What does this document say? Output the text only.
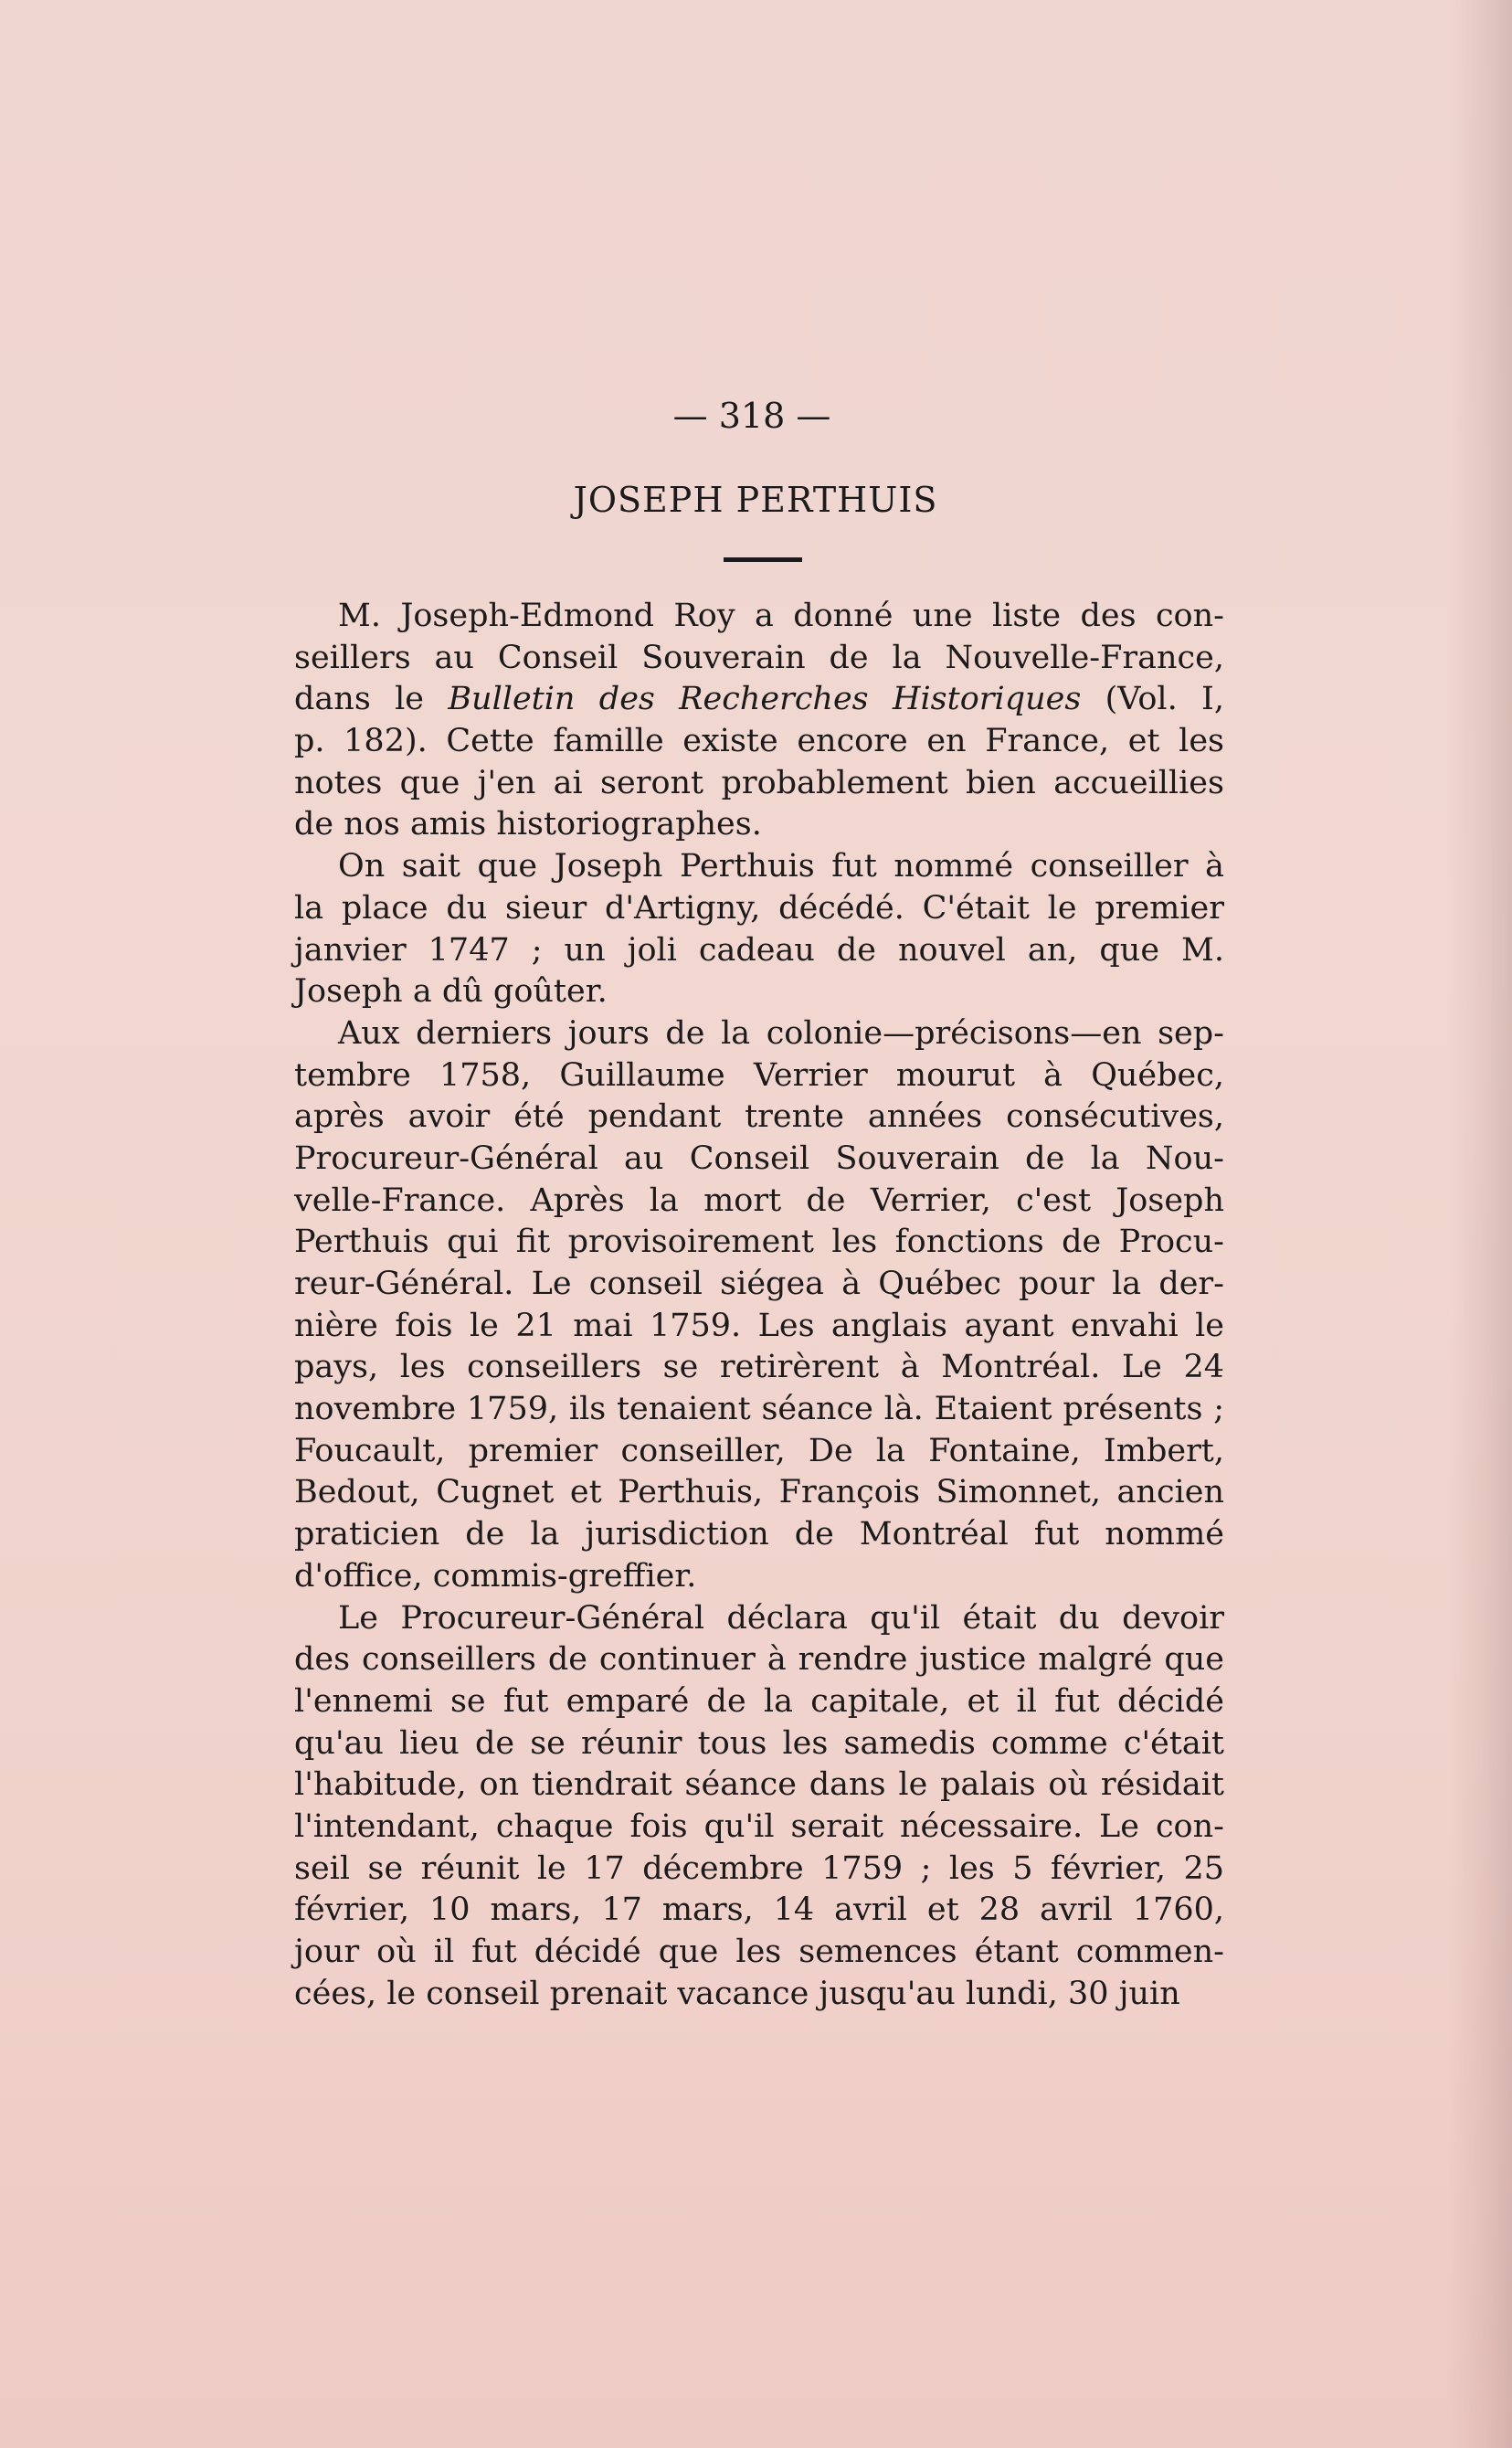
— 318 —
JOSEPH PERTHUIS
M. Joseph-Edmond Roy a donné une liste des con-
seillers au Conseil Souverain de la Nouvelle-France,
dans le Bulletin des Recherches Historiques (Vol. I,
p. 182). Cette famille existe encore en France, et les
notes que j'en ai seront probablement bien accueillies
de nos amis historiographes.
On sait que Joseph Perthuis fut nommé conseiller à
la place du sieur d'Artigny, décédé. C'était le premier
janvier 1747 ; un joli cadeau de nouvel an, que M.
Joseph a dû goûter.
Aux derniers jours de la colonie—précisons—en sep-
tembre 1758, Guillaume Verrier mourut à Québec,
après avoir été pendant trente années consécutives,
Procureur-Général au Conseil Souverain de la Nou-
velle-France. Après la mort de Verrier, c'est Joseph
Perthuis qui fit provisoirement les fonctions de Procu-
reur-Général. Le conseil siégea à Québec pour la der-
nière fois le 21 mai 1759. Les anglais ayant envahi le
pays, les conseillers se retirèrent à Montréal. Le 24
novembre 1759, ils tenaient séance là. Etaient présents ;
Foucault, premier conseiller, De la Fontaine, Imbert,
Bedout, Cugnet et Perthuis, François Simonnet, ancien
praticien de la jurisdiction de Montréal fut nommé
d'office, commis-greffier.
Le Procureur-Général déclara qu'il était du devoir
des conseillers de continuer à rendre justice malgré que
l'ennemi se fut emparé de la capitale, et il fut décidé
qu'au lieu de se réunir tous les samedis comme c'était
l'habitude, on tiendrait séance dans le palais où résidait
l'intendant, chaque fois qu'il serait nécessaire. Le con-
seil se réunit le 17 décembre 1759 ; les 5 février, 25
février, 10 mars, 17 mars, 14 avril et 28 avril 1760,
jour où il fut décidé que les semences étant commen-
cées, le conseil prenait vacance jusqu'au lundi, 30 juin
